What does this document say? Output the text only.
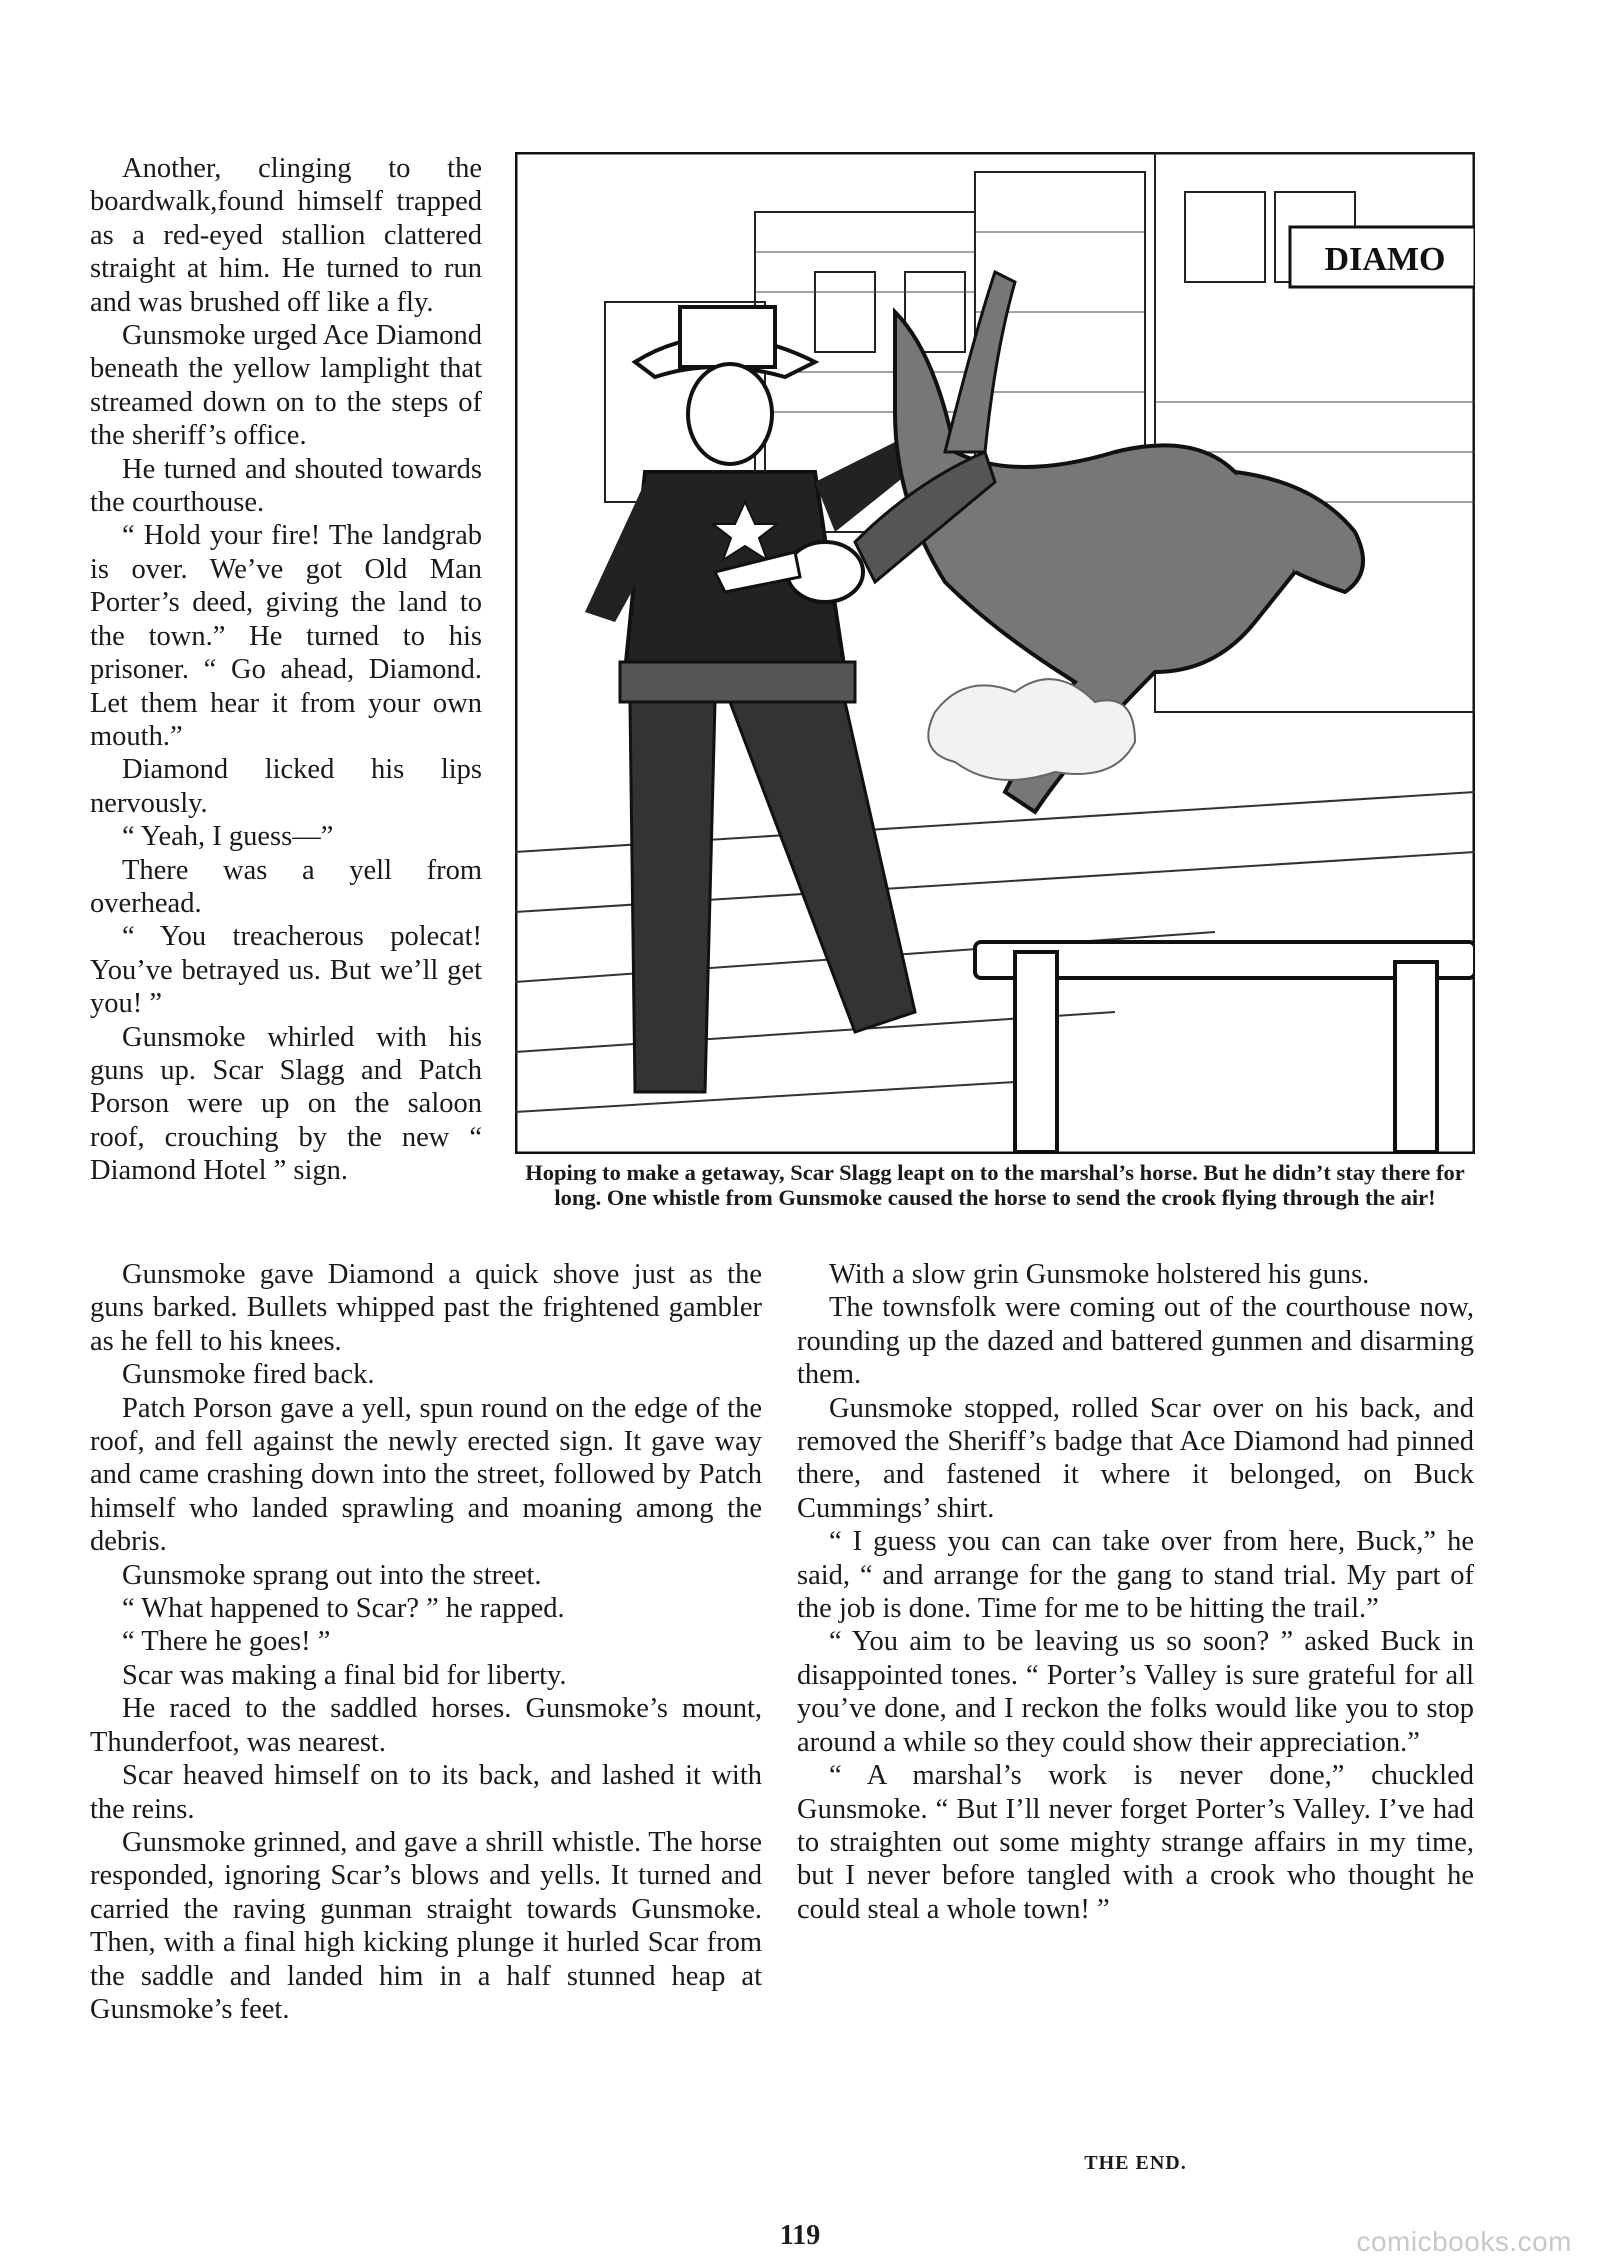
Another, clinging to the boardwalk,found himself trapped as a red-eyed stallion clattered straight at him. He turned to run and was brushed off like a fly.

Gunsmoke urged Ace Diamond beneath the yellow lamplight that streamed down on to the steps of the sheriff’s office.

He turned and shouted towards the courthouse.

“ Hold your fire! The landgrab is over. We’ve got Old Man Porter’s deed, giving the land to the town.” He turned to his prisoner. “ Go ahead, Diamond. Let them hear it from your own mouth.”

Diamond licked his lips nervously.

“ Yeah, I guess—”

There was a yell from overhead.

“ You treacherous polecat! You’ve betrayed us. But we’ll get you! ”

Gunsmoke whirled with his guns up. Scar Slagg and Patch Porson were up on the saloon roof, crouching by the new “ Diamond Hotel ” sign.

DIAMO
Hoping to make a getaway, Scar Slagg leapt on to the marshal’s horse. But he didn’t stay there for long. One whistle from Gunsmoke caused the horse to send the crook flying through the air!

Gunsmoke gave Diamond a quick shove just as the guns barked. Bullets whipped past the frightened gambler as he fell to his knees.

Gunsmoke fired back.

Patch Porson gave a yell, spun round on the edge of the roof, and fell against the newly erected sign. It gave way and came crashing down into the street, followed by Patch himself who landed sprawling and moaning among the debris.

Gunsmoke sprang out into the street.

“ What happened to Scar? ” he rapped.

“ There he goes! ”

Scar was making a final bid for liberty.

He raced to the saddled horses. Gunsmoke’s mount, Thunderfoot, was nearest.

Scar heaved himself on to its back, and lashed it with the reins.

Gunsmoke grinned, and gave a shrill whistle. The horse responded, ignoring Scar’s blows and yells. It turned and carried the raving gunman straight towards Gunsmoke. Then, with a final high kicking plunge it hurled Scar from the saddle and landed him in a half stunned heap at Gunsmoke’s feet.

With a slow grin Gunsmoke holstered his guns.

The townsfolk were coming out of the courthouse now, rounding up the dazed and battered gunmen and disarming them.

Gunsmoke stopped, rolled Scar over on his back, and removed the Sheriff’s badge that Ace Diamond had pinned there, and fastened it where it belonged, on Buck Cummings’ shirt.

“ I guess you can can take over from here, Buck,” he said, “ and arrange for the gang to stand trial. My part of the job is done. Time for me to be hitting the trail.”

“ You aim to be leaving us so soon? ” asked Buck in disappointed tones. “ Porter’s Valley is sure grateful for all you’ve done, and I reckon the folks would like you to stop around a while so they could show their appreciation.”

“ A marshal’s work is never done,” chuckled Gunsmoke. “ But I’ll never forget Porter’s Valley. I’ve had to straighten out some mighty strange affairs in my time, but I never before tangled with a crook who thought he could steal a whole town! ”

THE END.
119	comicbooks.com
